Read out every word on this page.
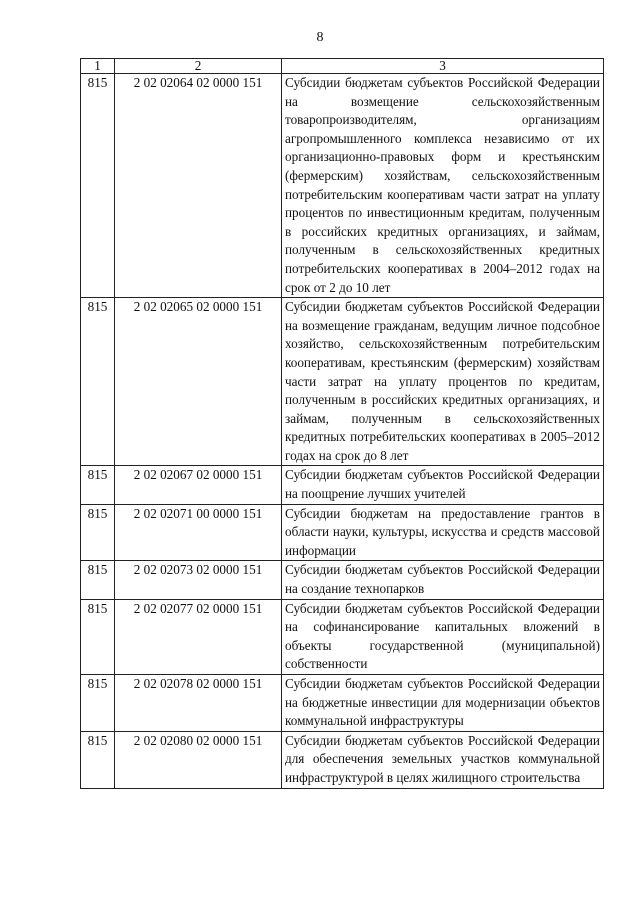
8
1	2	3
815	2 02 02064 02 0000 151	Субсидии бюджетам субъектов Российской Федерации на возмещение сельскохозяйственным товаропроизводителям, организациям агропромышленного комплекса независимо от их организационно-правовых форм и крестьянским (фермерским) хозяйствам, сельскохозяйственным потребительским кооперативам части затрат на уплату процентов по инвестиционным кредитам, полученным в российских кредитных организациях, и займам, полученным в сельскохозяйственных кредитных потребительских кооперативах в 2004–2012 годах на срок от 2 до 10 лет
815	2 02 02065 02 0000 151	Субсидии бюджетам субъектов Российской Федерации на возмещение гражданам, ведущим личное подсобное хозяйство, сельскохозяйственным потребительским кооперативам, крестьянским (фермерским) хозяйствам части затрат на уплату процентов по кредитам, полученным в российских кредитных организациях, и займам, полученным в сельскохозяйственных кредитных потребительских кооперативах в 2005–2012 годах на срок до 8 лет
815	2 02 02067 02 0000 151	Субсидии бюджетам субъектов Российской Федерации на поощрение лучших учителей
815	2 02 02071 00 0000 151	Субсидии бюджетам на предоставление грантов в области науки, культуры, искусства и средств массовой информации
815	2 02 02073 02 0000 151	Субсидии бюджетам субъектов Российской Федерации на создание технопарков
815	2 02 02077 02 0000 151	Субсидии бюджетам субъектов Российской Федерации на софинансирование капитальных вложений в объекты государственной (муниципальной) собственности
815	2 02 02078 02 0000 151	Субсидии бюджетам субъектов Российской Федерации на бюджетные инвестиции для модернизации объектов коммунальной инфраструктуры
815	2 02 02080 02 0000 151	Субсидии бюджетам субъектов Российской Федерации для обеспечения земельных участков коммунальной инфраструктурой в целях жилищного строительства
